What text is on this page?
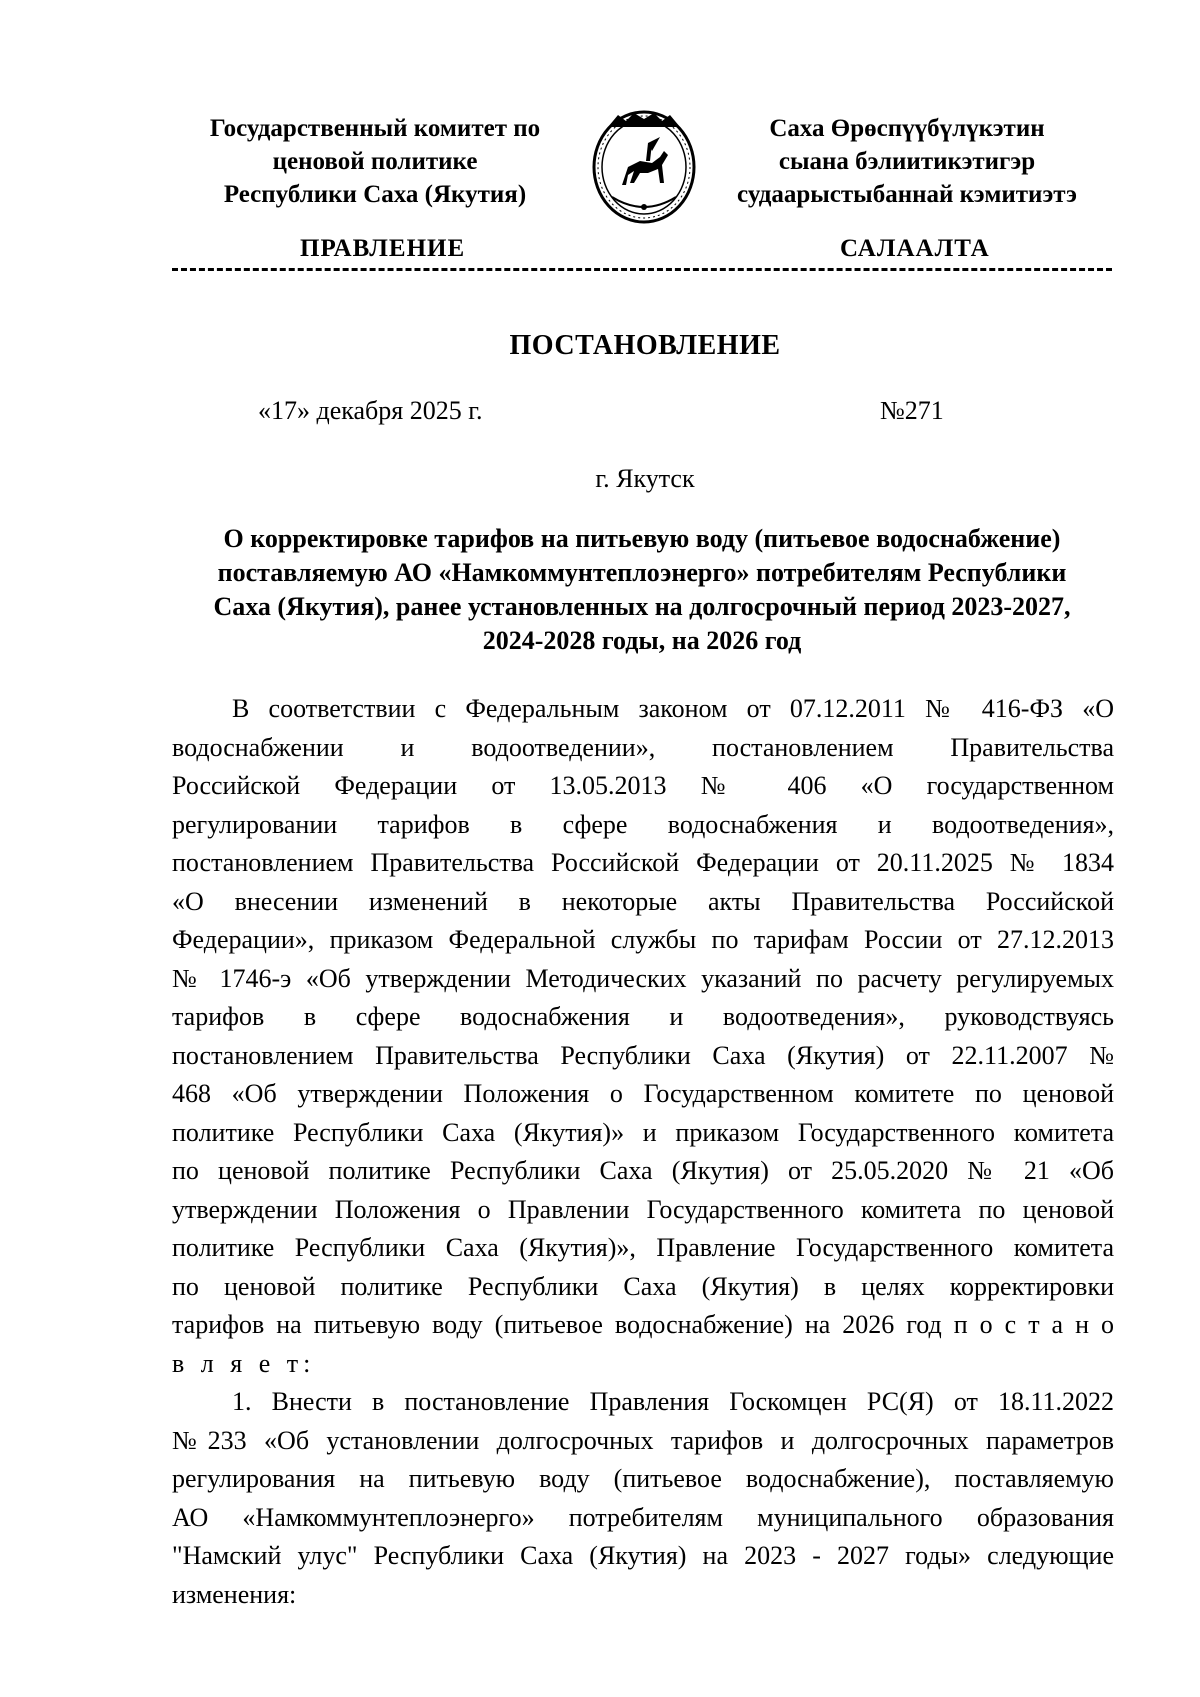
Государственный комитет по
ценовой политике
Республики Саха (Якутия)
Саха Өрөспүүбүлүкэтин
сыана бэлиитикэтигэр
судаарыстыбаннай кэмитиэтэ
ПРАВЛЕНИЕ	САЛААЛТА
ПОСТАНОВЛЕНИЕ
«17» декабря 2025 г.	№271
г. Якутск
О корректировке тарифов на питьевую воду (питьевое водоснабжение)
поставляемую АО «Намкоммунтеплоэнерго» потребителям Республики
Саха (Якутия), ранее установленных на долгосрочный период 2023-2027,
2024-2028 годы, на 2026 год
В соответствии с Федеральным законом от 07.12.2011 № 416-ФЗ «О
водоснабжении и водоотведении», постановлением Правительства
Российской Федерации от 13.05.2013 № 406 «О государственном
регулировании тарифов в сфере водоснабжения и водоотведения»,
постановлением Правительства Российской Федерации от 20.11.2025 № 1834
«О внесении изменений в некоторые акты Правительства Российской
Федерации», приказом Федеральной службы по тарифам России от 27.12.2013
№ 1746-э «Об утверждении Методических указаний по расчету регулируемых
тарифов в сфере водоснабжения и водоотведения», руководствуясь
постановлением Правительства Республики Саха (Якутия) от 22.11.2007 №
468 «Об утверждении Положения о Государственном комитете по ценовой
политике Республики Саха (Якутия)» и приказом Государственного комитета
по ценовой политике Республики Саха (Якутия) от 25.05.2020 № 21 «Об
утверждении Положения о Правлении Государственного комитета по ценовой
политике Республики Саха (Якутия)», Правление Государственного комитета
по ценовой политике Республики Саха (Якутия) в целях корректировки
тарифов на питьевую воду (питьевое водоснабжение) на 2026 год п о с т а н о
в л я е т:
1. Внести в постановление Правления Госкомцен РС(Я) от 18.11.2022
№233 «Об установлении долгосрочных тарифов и долгосрочных параметров
регулирования на питьевую воду (питьевое водоснабжение), поставляемую
АО «Намкоммунтеплоэнерго» потребителям муниципального образования
"Намский улус" Республики Саха (Якутия) на 2023 - 2027 годы» следующие
изменения:
